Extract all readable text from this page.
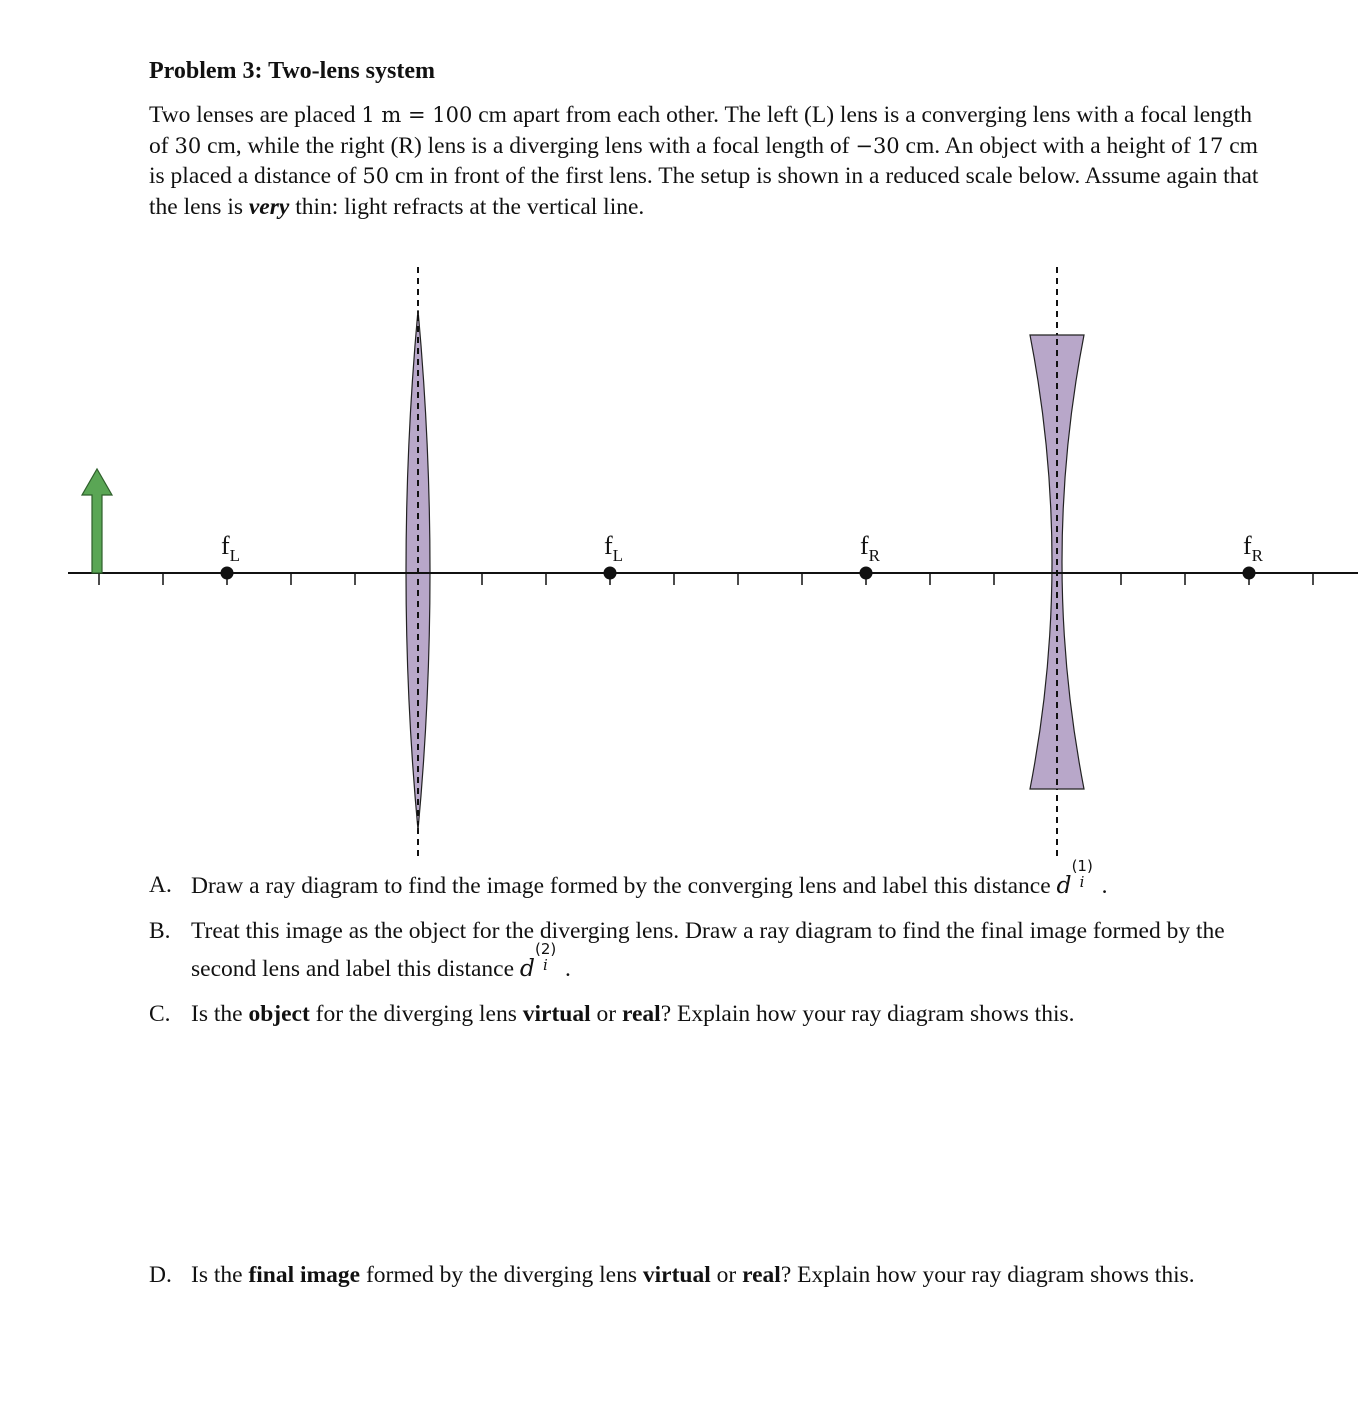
Problem 3: Two-lens system
Two lenses are placed 1 m = 100 cm apart from each other. The left (L) lens is a converging lens with a focal length of 30 cm, while the right (R) lens is a diverging lens with a focal length of −30 cm. An object with a height of 17 cm is placed a distance of 50 cm in front of the first lens. The setup is shown in a reduced scale below. Assume again that the lens is very thin: light refracts at the vertical line.
$f_L$	$f_L$	$f_R$	$f_R$
A. Draw a ray diagram to find the image formed by the converging lens and label this distance d
(1)
i .
B. Treat this image as the object for the diverging lens. Draw a ray diagram to find the final image formed by the second lens and label this distance d
(2)
i .
C. Is the object for the diverging lens virtual or real? Explain how your ray diagram shows this.
D. Is the final image formed by the diverging lens virtual or real? Explain how your ray diagram shows this.
